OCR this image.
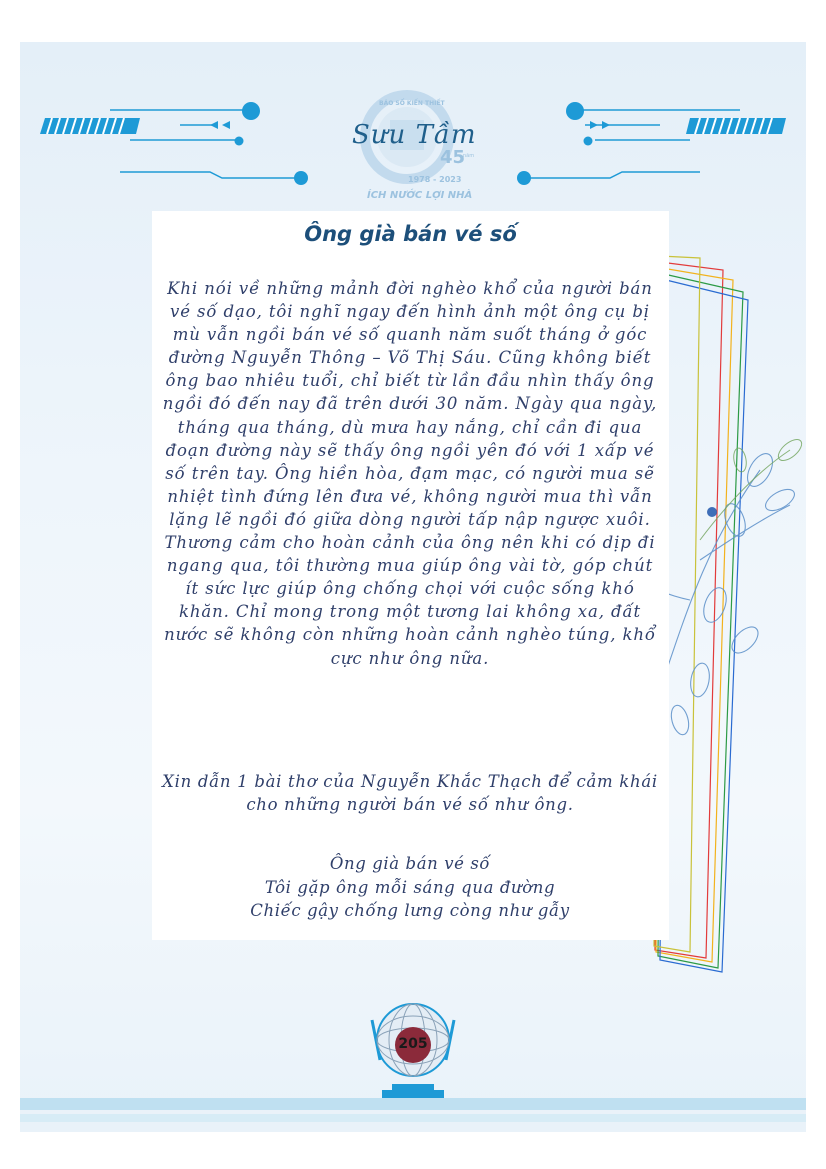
BÁO SỐ KIẾN THIẾT
45
năm
1978 - 2023
ÍCH NƯỚC LỢI NHÀ
Sưu Tầm
Ông già bán vé số

Khi nói về những mảnh đời nghèo khổ của người bán vé số dạo, tôi nghĩ ngay đến hình ảnh một ông cụ bị mù vẫn ngồi bán vé số quanh năm suốt tháng ở góc đường Nguyễn Thông – Võ Thị Sáu. Cũng không biết ông bao nhiêu tuổi, chỉ biết từ lần đầu nhìn thấy ông ngồi đó đến nay đã trên dưới 30 năm. Ngày qua ngày, tháng qua tháng, dù mưa hay nắng, chỉ cần đi qua đoạn đường này sẽ thấy ông ngồi yên đó với 1 xấp vé số trên tay. Ông hiền hòa, đạm mạc, có người mua sẽ nhiệt tình đứng lên đưa vé, không người mua thì vẫn lặng lẽ ngồi đó giữa dòng người tấp nập ngược xuôi. Thương cảm cho hoàn cảnh của ông nên khi có dịp đi ngang qua, tôi thường mua giúp ông vài tờ, góp chút ít sức lực giúp ông chống chọi với cuộc sống khó khăn. Chỉ mong trong một tương lai không xa, đất nước sẽ không còn những hoàn cảnh nghèo túng, khổ cực như ông nữa.

Xin dẫn 1 bài thơ của Nguyễn Khắc Thạch để cảm khái cho những người bán vé số như ông.

Ông già bán vé số
Tôi gặp ông mỗi sáng qua đường
Chiếc gậy chống lưng còng như gẫy
205
